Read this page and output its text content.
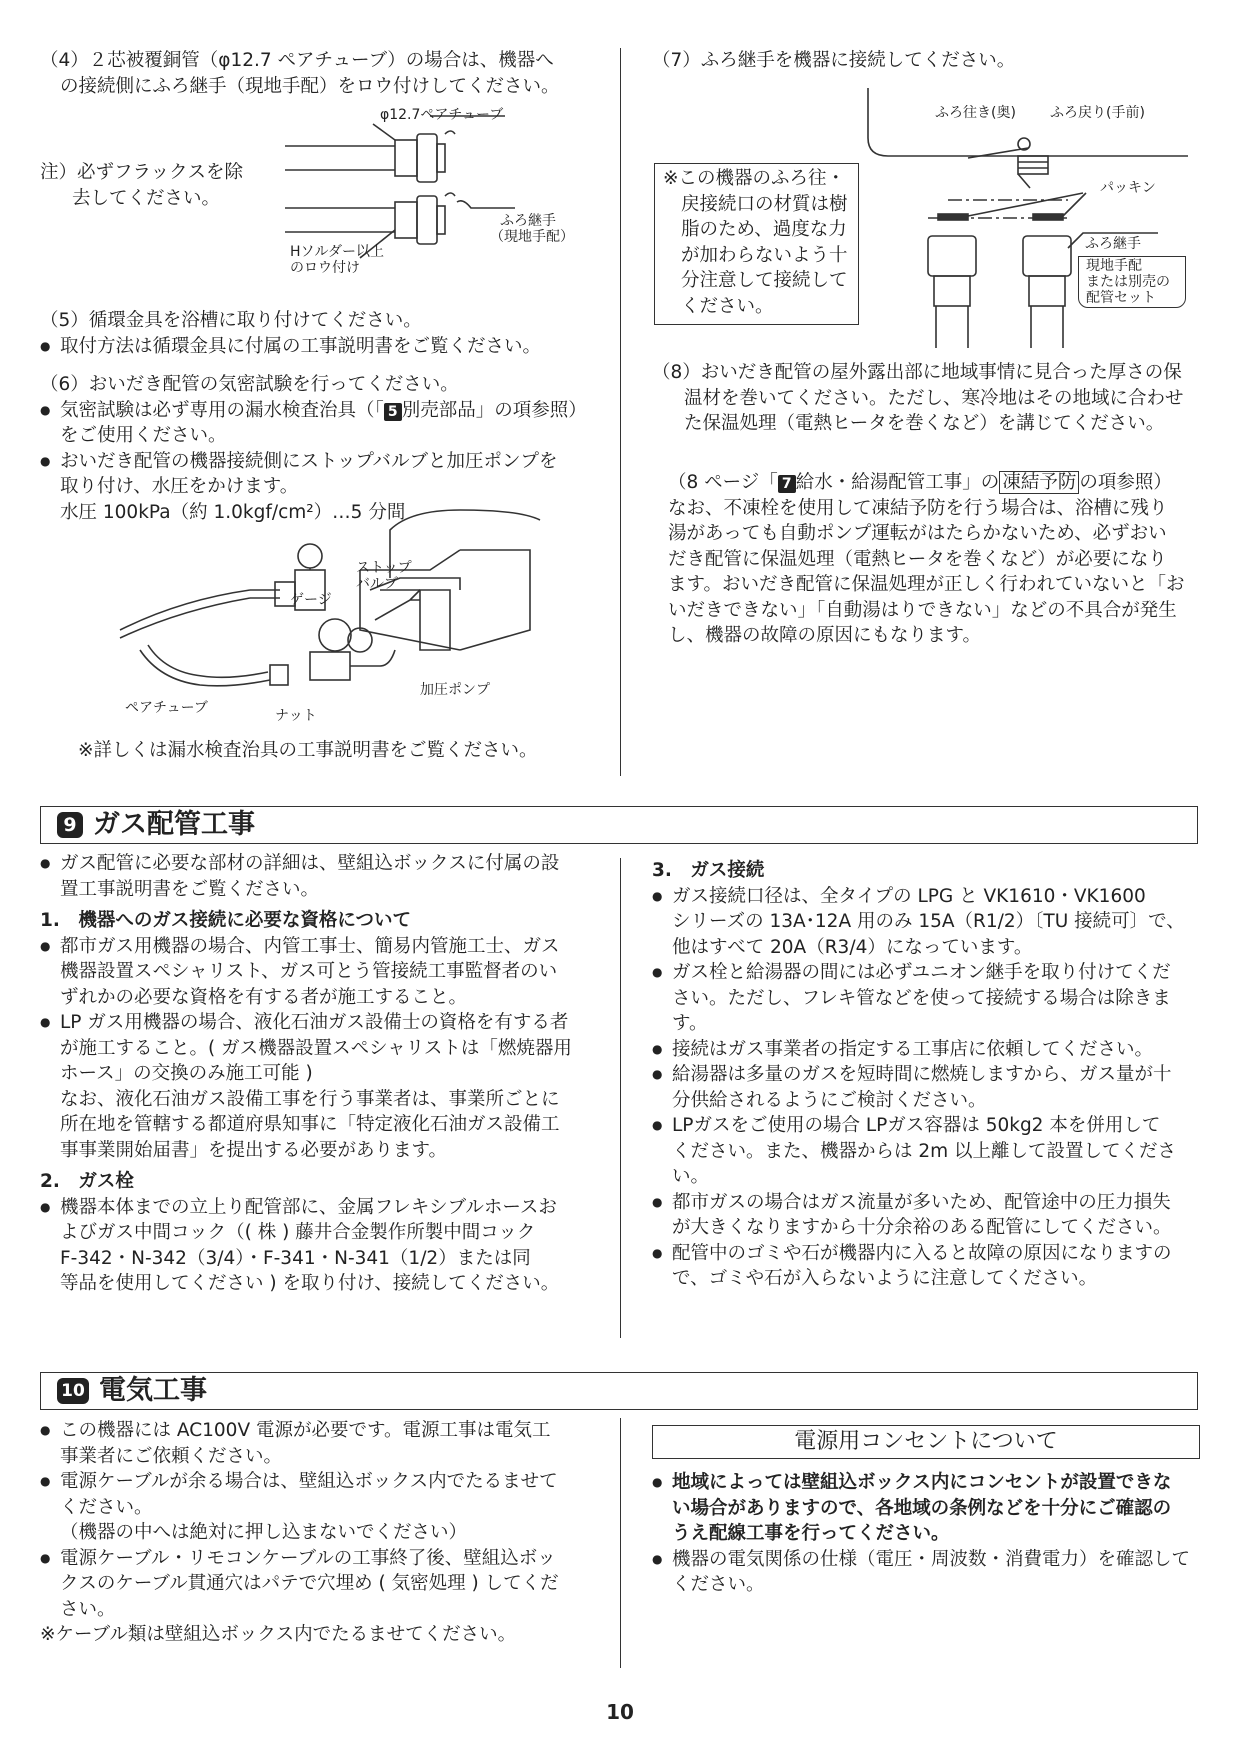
（4）２芯被覆銅管（φ12.7 ペアチューブ）の場合は、機器へ

の接続側にふろ継手（現地手配）をロウ付けしてください。

注）必ずフラックスを除

去してください。

φ12.7ペアチューブ
ふろ継手
（現地手配）
Hソルダー以上
のロウ付け

（5）循環金具を浴槽に取り付けてください。

● 取付方法は循環金具に付属の工事説明書をご覧ください。

（6）おいだき配管の気密試験を行ってください。

● 気密試験は必ず専用の漏水検査治具（「 5 別売部品」の項参照）

をご使用ください。

● おいだき配管の機器接続側にストップバルブと加圧ポンプを

取り付け、水圧をかけます。

水圧 100kPa（約 1.0kgf/cm²）…5 分間

ストップ
バルブ
ゲージ
加圧ポンプ
ペアチューブ	ナット
※詳しくは漏水検査治具の工事説明書をご覧ください。
（7）ふろ継手を機器に接続してください。

※この機器のふろ往・

戻接続口の材質は樹

脂のため、過度な力

が加わらないよう十

分注意して接続して

ください。

ふろ往き(奥) ふろ戻り(手前)
パッキン
ふろ継手
現地手配
または別売の
配管セット

（8）おいだき配管の屋外露出部に地域事情に見合った厚さの保

温材を巻いてください。ただし、寒冷地はその地域に合わせ

た保温処理（電熱ヒータを巻くなど）を講じてください。

（8 ページ「 7 給水・給湯配管工事」の 凍結予防 の項参照）

なお、不凍栓を使用して凍結予防を行う場合は、浴槽に残り

湯があっても自動ポンプ運転がはたらかないため、必ずおい

だき配管に保温処理（電熱ヒータを巻くなど）が必要になり

ます。おいだき配管に保温処理が正しく行われていないと「お

いだきできない」「自動湯はりできない」などの不具合が発生

し、機器の故障の原因にもなります。

9 ガス配管工事

● ガス配管に必要な部材の詳細は、壁組込ボックスに付属の設

置工事説明書をご覧ください。

1.　機器へのガス接続に必要な資格について

● 都市ガス用機器の場合、内管工事士、簡易内管施工士、ガス

機器設置スペシャリスト、ガス可とう管接続工事監督者のい

ずれかの必要な資格を有する者が施工すること。

● LP ガス用機器の場合、液化石油ガス設備士の資格を有する者

が施工すること。( ガス機器設置スペシャリストは「燃焼器用

ホース」の交換のみ施工可能 )

なお、液化石油ガス設備工事を行う事業者は、事業所ごとに

所在地を管轄する都道府県知事に「特定液化石油ガス設備工

事事業開始届書」を提出する必要があります。

2.　ガス栓

● 機器本体までの立上り配管部に、金属フレキシブルホースお

よびガス中間コック（( 株 ) 藤井合金製作所製中間コック

F-342・N-342（3/4）・F-341・N-341（1/2）または同

等品を使用してください ) を取り付け、接続してください。

3.　ガス接続

● ガス接続口径は、全タイプの LPG と VK1610・VK1600

シリーズの 13A･12A 用のみ 15A（R1/2）〔TU 接続可〕で、

他はすべて 20A（R3/4）になっています。

● ガス栓と給湯器の間には必ずユニオン継手を取り付けてくだ

さい。ただし、フレキ管などを使って接続する場合は除きます。

● 接続はガス事業者の指定する工事店に依頼してください。

● 給湯器は多量のガスを短時間に燃焼しますから、ガス量が十

分供給されるようにご検討ください。

● LPガスをご使用の場合 LPガス容器は 50kg2 本を併用して

ください。また、機器からは 2m 以上離して設置してください。

● 都市ガスの場合はガス流量が多いため、配管途中の圧力損失

が大きくなりますから十分余裕のある配管にしてください。

● 配管中のゴミや石が機器内に入ると故障の原因になりますの

で、ゴミや石が入らないように注意してください。

10 電気工事

● この機器には AC100V 電源が必要です。電源工事は電気工

事業者にご依頼ください。

● 電源ケーブルが余る場合は、壁組込ボックス内でたるませて

ください。

（機器の中へは絶対に押し込まないでください）

● 電源ケーブル・リモコンケーブルの工事終了後、壁組込ボッ

クスのケーブル貫通穴はパテで穴埋め ( 気密処理 ) してくだ

さい。

※ケーブル類は壁組込ボックス内でたるませてください。

電源用コンセントについて

● 地域によっては壁組込ボックス内にコンセントが設置できな

い場合がありますので、各地域の条例などを十分にご確認の

うえ配線工事を行ってください。

● 機器の電気関係の仕様（電圧・周波数・消費電力）を確認して

ください。

10
